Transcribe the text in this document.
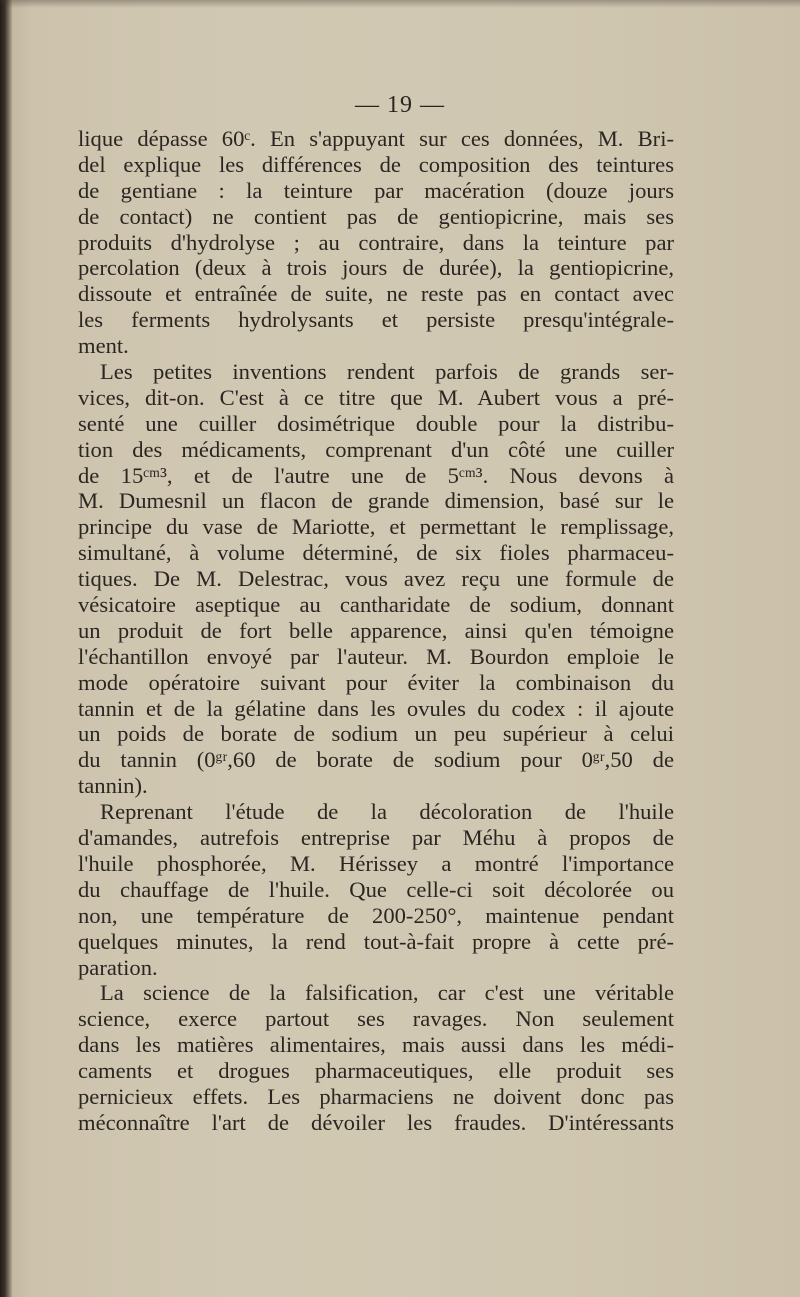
— 19 —
lique dépasse 60ᶜ. En s'appuyant sur ces données, M. Bri-
del explique les différences de composition des teintures
de gentiane : la teinture par macération (douze jours
de contact) ne contient pas de gentiopicrine, mais ses
produits d'hydrolyse ; au contraire, dans la teinture par
percolation (deux à trois jours de durée), la gentiopicrine,
dissoute et entraînée de suite, ne reste pas en contact avec
les ferments hydrolysants et persiste presqu'intégrale-
ment.
Les petites inventions rendent parfois de grands ser-
vices, dit-on. C'est à ce titre que M. Aubert vous a pré-
senté une cuiller dosimétrique double pour la distribu-
tion des médicaments, comprenant d'un côté une cuiller
de 15ᶜᵐ³, et de l'autre une de 5ᶜᵐ³. Nous devons à
M. Dumesnil un flacon de grande dimension, basé sur le
principe du vase de Mariotte, et permettant le remplissage,
simultané, à volume déterminé, de six fioles pharmaceu-
tiques. De M. Delestrac, vous avez reçu une formule de
vésicatoire aseptique au cantharidate de sodium, donnant
un produit de fort belle apparence, ainsi qu'en témoigne
l'échantillon envoyé par l'auteur. M. Bourdon emploie le
mode opératoire suivant pour éviter la combinaison du
tannin et de la gélatine dans les ovules du codex : il ajoute
un poids de borate de sodium un peu supérieur à celui
du tannin (0ᵍʳ,60 de borate de sodium pour 0ᵍʳ,50 de
tannin).
Reprenant l'étude de la décoloration de l'huile
d'amandes, autrefois entreprise par Méhu à propos de
l'huile phosphorée, M. Hérissey a montré l'importance
du chauffage de l'huile. Que celle-ci soit décolorée ou
non, une température de 200-250°, maintenue pendant
quelques minutes, la rend tout-à-fait propre à cette pré-
paration.
La science de la falsification, car c'est une véritable
science, exerce partout ses ravages. Non seulement
dans les matières alimentaires, mais aussi dans les médi-
caments et drogues pharmaceutiques, elle produit ses
pernicieux effets. Les pharmaciens ne doivent donc pas
méconnaître l'art de dévoiler les fraudes. D'intéressants
